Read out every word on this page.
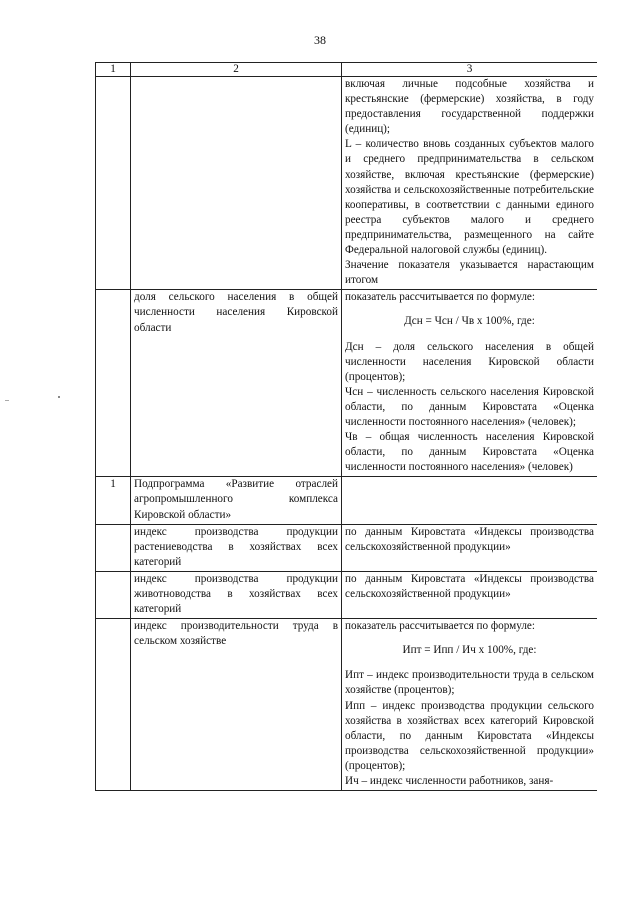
38
1	2	3

		включая личные подсобные хозяйства и крестьянские (фермерские) хозяйства, в году предоставления государственной поддержки (единиц);

L – количество вновь созданных субъектов малого и среднего предпринимательства в сельском хозяйстве, включая крестьянские (фермерские) хозяйства и сельскохозяйственные потребительские кооперативы, в соответствии с данными единого реестра субъектов малого и среднего предпринимательства, размещенного на сайте Федеральной налоговой службы (единиц).

Значение показателя указывается нарастающим итогом

	доля сельского населения в общей численности населения Кировской области	показатель рассчитывается по формуле:

Дсн = Чсн / Чв x 100%, где:

Дсн – доля сельского населения в общей численности населения Кировской области (процентов);

Чсн – численность сельского населения Кировской области, по данным Кировстата «Оценка численности постоянного населения» (человек);

Чв – общая численность населения Кировской области, по данным Кировстата «Оценка численности постоянного населения» (человек)

1	Подпрограмма «Развитие отраслей агропромышленного комплекса Кировской области»	

	индекс производства продукции растениеводства в хозяйствах всех категорий	по данным Кировстата «Индексы производства сельскохозяйственной продукции»

	индекс производства продукции животноводства в хозяйствах всех категорий	по данным Кировстата «Индексы производства сельскохозяйственной продукции»

	индекс производительности труда в сельском хозяйстве	показатель рассчитывается по формуле:

Ипт = Ипп / Ич x 100%, где:

Ипт – индекс производительности труда в сельском хозяйстве (процентов);

Ипп – индекс производства продукции сельского хозяйства в хозяйствах всех категорий Кировской области, по данным Кировстата «Индексы производства сельскохозяйственной продукции» (процентов);

Ич – индекс численности работников, заня-
